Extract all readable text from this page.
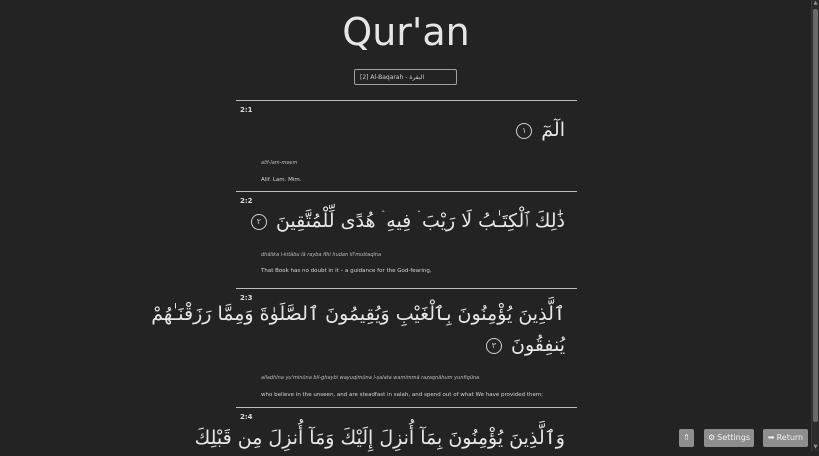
Qur'an
[2] Al-Baqarah - البقرة
2:1
الٓمٓ ١
alif-lam-meem
Alif. Lam. Mim.
2:2
ذَٰلِكَ ٱلْكِتَـٰبُ لَا رَيْبَ ۛ فِيهِ ۛ هُدًى لِّلْمُتَّقِينَ ٢
dhālika l-kitābu lā rayba fīhi hudan lil'muttaqīna
That Book has no doubt in it – a guidance for the God-fearing,
2:3
ٱلَّذِينَ يُؤْمِنُونَ بِٱلْغَيْبِ وَيُقِيمُونَ ٱلصَّلَوٰةَ وَمِمَّا رَزَقْنَـٰهُمْ
يُنفِقُونَ ٣
alladhīna yu'minūna bil-ghaybi wayuqīmūna l-ṣalata wamimmā razaqnāhum yunfiqūna
who believe in the unseen, and are steadfast in salah, and spend out of what We have provided them;
2:4
وَٱلَّذِينَ يُؤْمِنُونَ بِمَآ أُنزِلَ إِلَيْكَ وَمَآ أُنزِلَ مِن قَبْلِكَ	⇑	⚙ Settings	➡ Return
▲
▼
